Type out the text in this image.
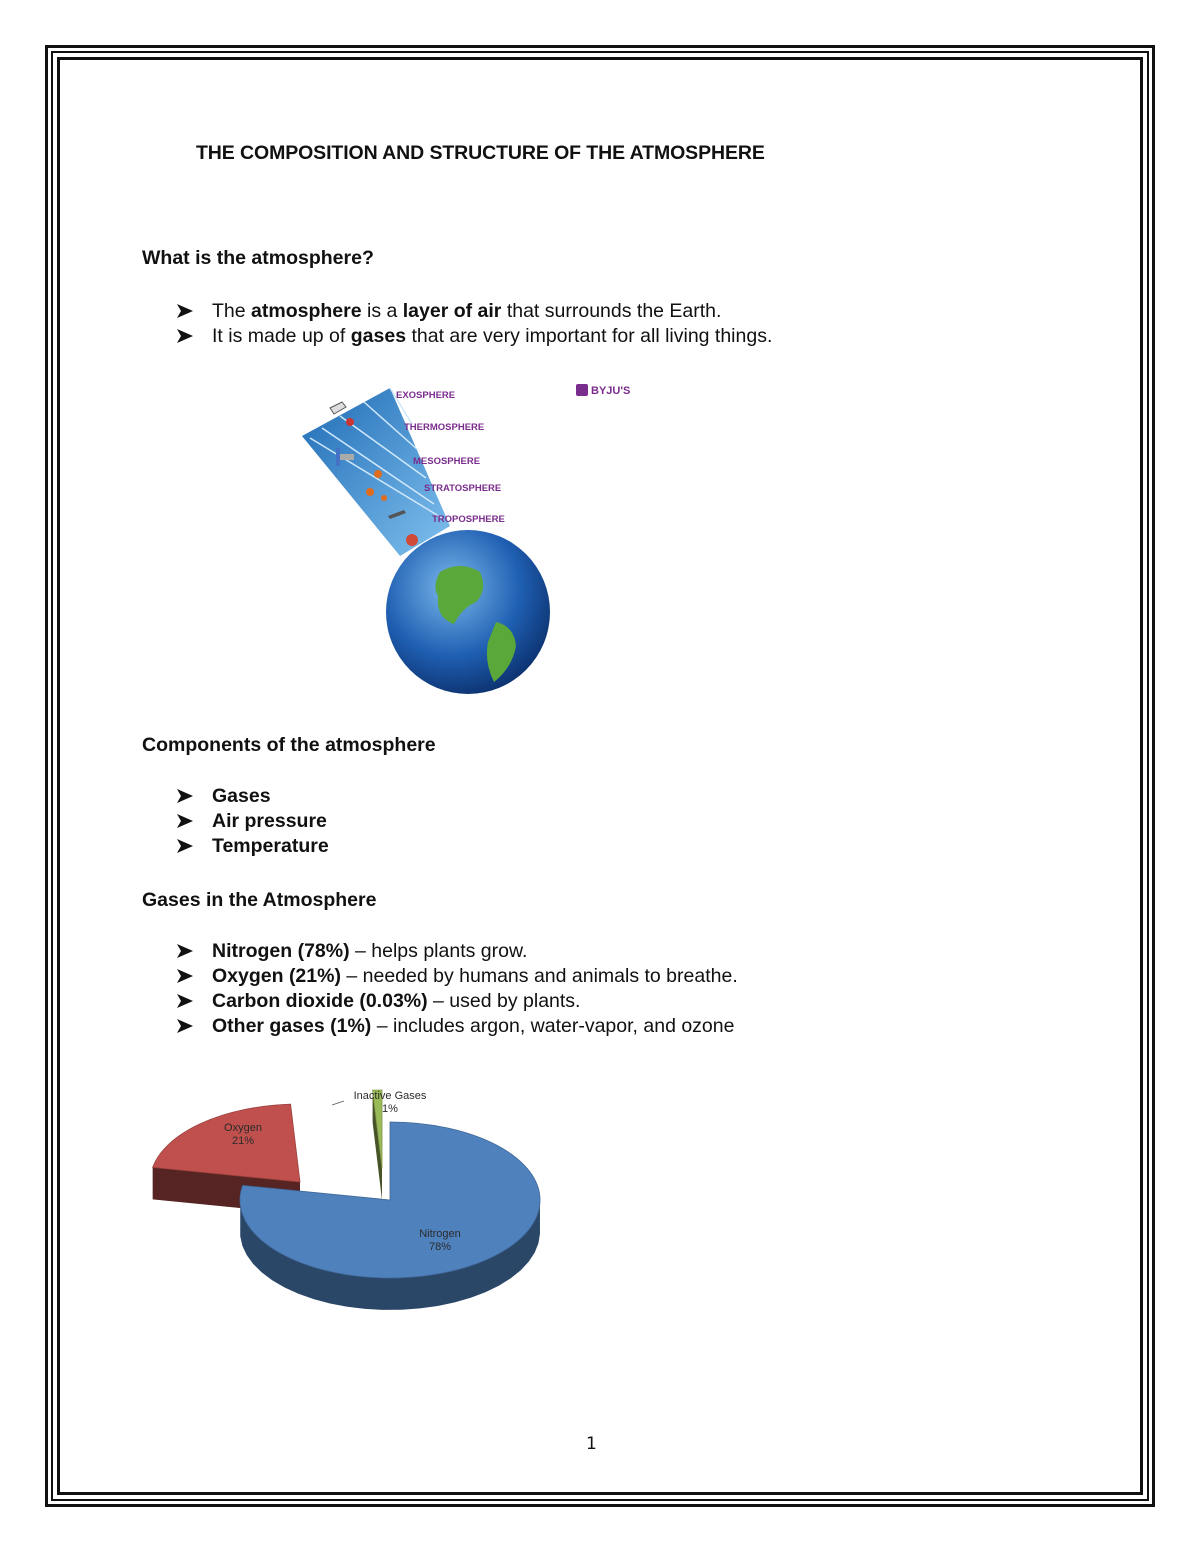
THE COMPOSITION AND STRUCTURE OF THE ATMOSPHERE
What is the atmosphere?
The atmosphere is a layer of air that surrounds the Earth.
It is made up of gases that are very important for all living things.
EXOSPHERE
THERMOSPHERE
MESOSPHERE
STRATOSPHERE
TROPOSPHERE
BYJU'S
Components of the atmosphere
Gases
Air pressure
Temperature
Gases in the Atmosphere
Nitrogen (78%) – helps plants grow.
Oxygen (21%) – needed by humans and animals to breathe.
Carbon dioxide (0.03%) – used by plants.
Other gases (1%) – includes argon, water-vapor, and ozone
Nitrogen
78%
Oxygen
21%
Inactive Gases
1%
1
